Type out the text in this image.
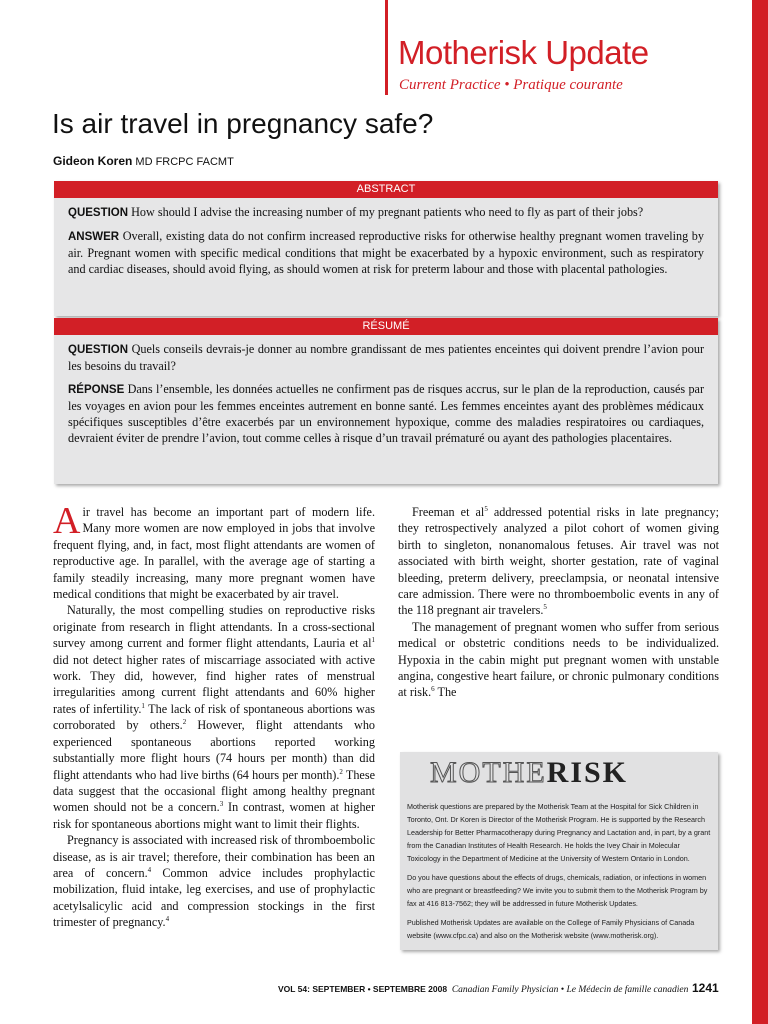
Motherisk Update
Current Practice • Pratique courante
Is air travel in pregnancy safe?
Gideon Koren MD FRCPC FACMT
ABSTRACT

QUESTION How should I advise the increasing number of my pregnant patients who need to fly as part of their jobs?

ANSWER Overall, existing data do not confirm increased reproductive risks for otherwise healthy pregnant women traveling by air. Pregnant women with specific medical conditions that might be exacerbated by a hypoxic environment, such as respiratory and cardiac diseases, should avoid flying, as should women at risk for preterm labour and those with placental pathologies.

RÉSUMÉ

QUESTION Quels conseils devrais-je donner au nombre grandissant de mes patientes enceintes qui doivent prendre l’avion pour les besoins du travail?

RÉPONSE Dans l’ensemble, les données actuelles ne confirment pas de risques accrus, sur le plan de la reproduction, causés par les voyages en avion pour les femmes enceintes autrement en bonne santé. Les femmes enceintes ayant des problèmes médicaux spécifiques susceptibles d’être exacerbés par un environnement hypoxique, comme des maladies respiratoires ou cardiaques, devraient éviter de prendre l’avion, tout comme celles à risque d’un travail prématuré ou ayant des pathologies placentaires.

Air travel has become an important part of modern life. Many more women are now employed in jobs that involve frequent flying, and, in fact, most flight attendants are women of reproductive age. In parallel, with the average age of starting a family steadily increasing, many more pregnant women have medical conditions that might be exacerbated by air travel.

Naturally, the most compelling studies on reproductive risks originate from research in flight attendants. In a cross-sectional survey among current and former flight attendants, Lauria et $al^1$ did not detect higher rates of miscarriage associated with active work. They did, however, find higher rates of menstrual irregularities among current flight attendants and 60% higher rates of infertility.$^1$ The lack of risk of spontaneous abortions was corroborated by others.$^2$ However, flight attendants who experienced spontaneous abortions reported working substantially more flight hours (74 hours per month) than did flight attendants who had live births (64 hours per month).$^2$ These data suggest that the occasional flight among healthy pregnant women should not be a concern.$^3$ In contrast, women at higher risk for spontaneous abortions might want to limit their flights.

Pregnancy is associated with increased risk of thromboembolic disease, as is air travel; therefore, their combination has been an area of concern.$^4$ Common advice includes prophylactic mobilization, fluid intake, leg exercises, and use of prophylactic acetylsalicylic acid and compression stockings in the first trimester of pregnancy.$^4$

Freeman et $al^5$ addressed potential risks in late pregnancy; they retrospectively analyzed a pilot cohort of women giving birth to singleton, nonanomalous fetuses. Air travel was not associated with birth weight, shorter gestation, rate of vaginal bleeding, preterm delivery, preeclampsia, or neonatal intensive care admission. There were no thromboembolic events in any of the 118 pregnant air travelers.$^5$

The management of pregnant women who suffer from serious medical or obstetric conditions needs to be individualized. Hypoxia in the cabin might put pregnant women with unstable angina, congestive heart failure, or chronic pulmonary conditions at risk.$^6$ The

MOTHERISK

Motherisk questions are prepared by the Motherisk Team at the Hospital for Sick Children in Toronto, Ont. Dr Koren is Director of the Motherisk Program. He is supported by the Research Leadership for Better Pharmacotherapy during Pregnancy and Lactation and, in part, by a grant from the Canadian Institutes of Health Research. He holds the Ivey Chair in Molecular Toxicology in the Department of Medicine at the University of Western Ontario in London.

Do you have questions about the effects of drugs, chemicals, radiation, or infections in women who are pregnant or breastfeeding? We invite you to submit them to the Motherisk Program by fax at 416 813-7562; they will be addressed in future Motherisk Updates.

Published Motherisk Updates are available on the College of Family Physicians of Canada website (www.cfpc.ca) and also on the Motherisk website (www.motherisk.org).

VOL 54: SEPTEMBER • SEPTEMBRE 2008 Canadian Family Physician • Le Médecin de famille canadien 1241
